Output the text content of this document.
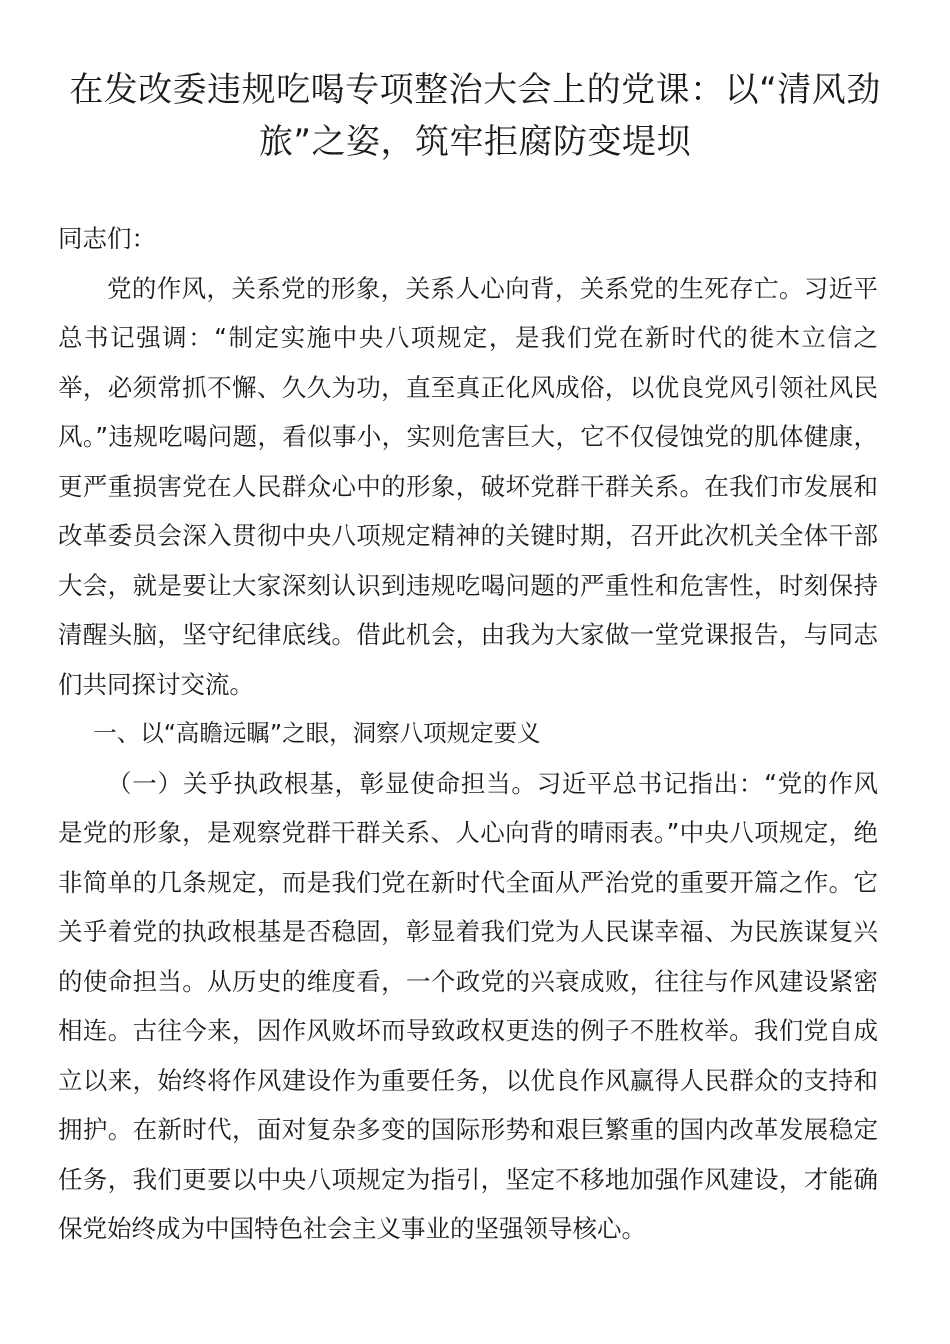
在发改委违规吃喝专项整治大会上的党课：以“清风劲旅”之姿，筑牢拒腐防变堤坝

同志们：

党的作风，关系党的形象，关系人心向背，关系党的生死存亡。习近平总书记强调：“制定实施中央八项规定，是我们党在新时代的徙木立信之举，必须常抓不懈、久久为功，直至真正化风成俗，以优良党风引领社风民风。”违规吃喝问题，看似事小，实则危害巨大，它不仅侵蚀党的肌体健康，更严重损害党在人民群众心中的形象，破坏党群干群关系。在我们市发展和改革委员会深入贯彻中央八项规定精神的关键时期，召开此次机关全体干部大会，就是要让大家深刻认识到违规吃喝问题的严重性和危害性，时刻保持清醒头脑，坚守纪律底线。借此机会，由我为大家做一堂党课报告，与同志们共同探讨交流。

一、以“高瞻远瞩”之眼，洞察八项规定要义

（一）关乎执政根基，彰显使命担当。习近平总书记指出：“党的作风是党的形象，是观察党群干群关系、人心向背的晴雨表。”中央八项规定，绝非简单的几条规定，而是我们党在新时代全面从严治党的重要开篇之作。它关乎着党的执政根基是否稳固，彰显着我们党为人民谋幸福、为民族谋复兴的使命担当。从历史的维度看，一个政党的兴衰成败，往往与作风建设紧密相连。古往今来，因作风败坏而导致政权更迭的例子不胜枚举。我们党自成立以来，始终将作风建设作为重要任务，以优良作风赢得人民群众的支持和拥护。在新时代，面对复杂多变的国际形势和艰巨繁重的国内改革发展稳定任务，我们更要以中央八项规定为指引，坚定不移地加强作风建设，才能确保党始终成为中国特色社会主义事业的坚强领导核心。
